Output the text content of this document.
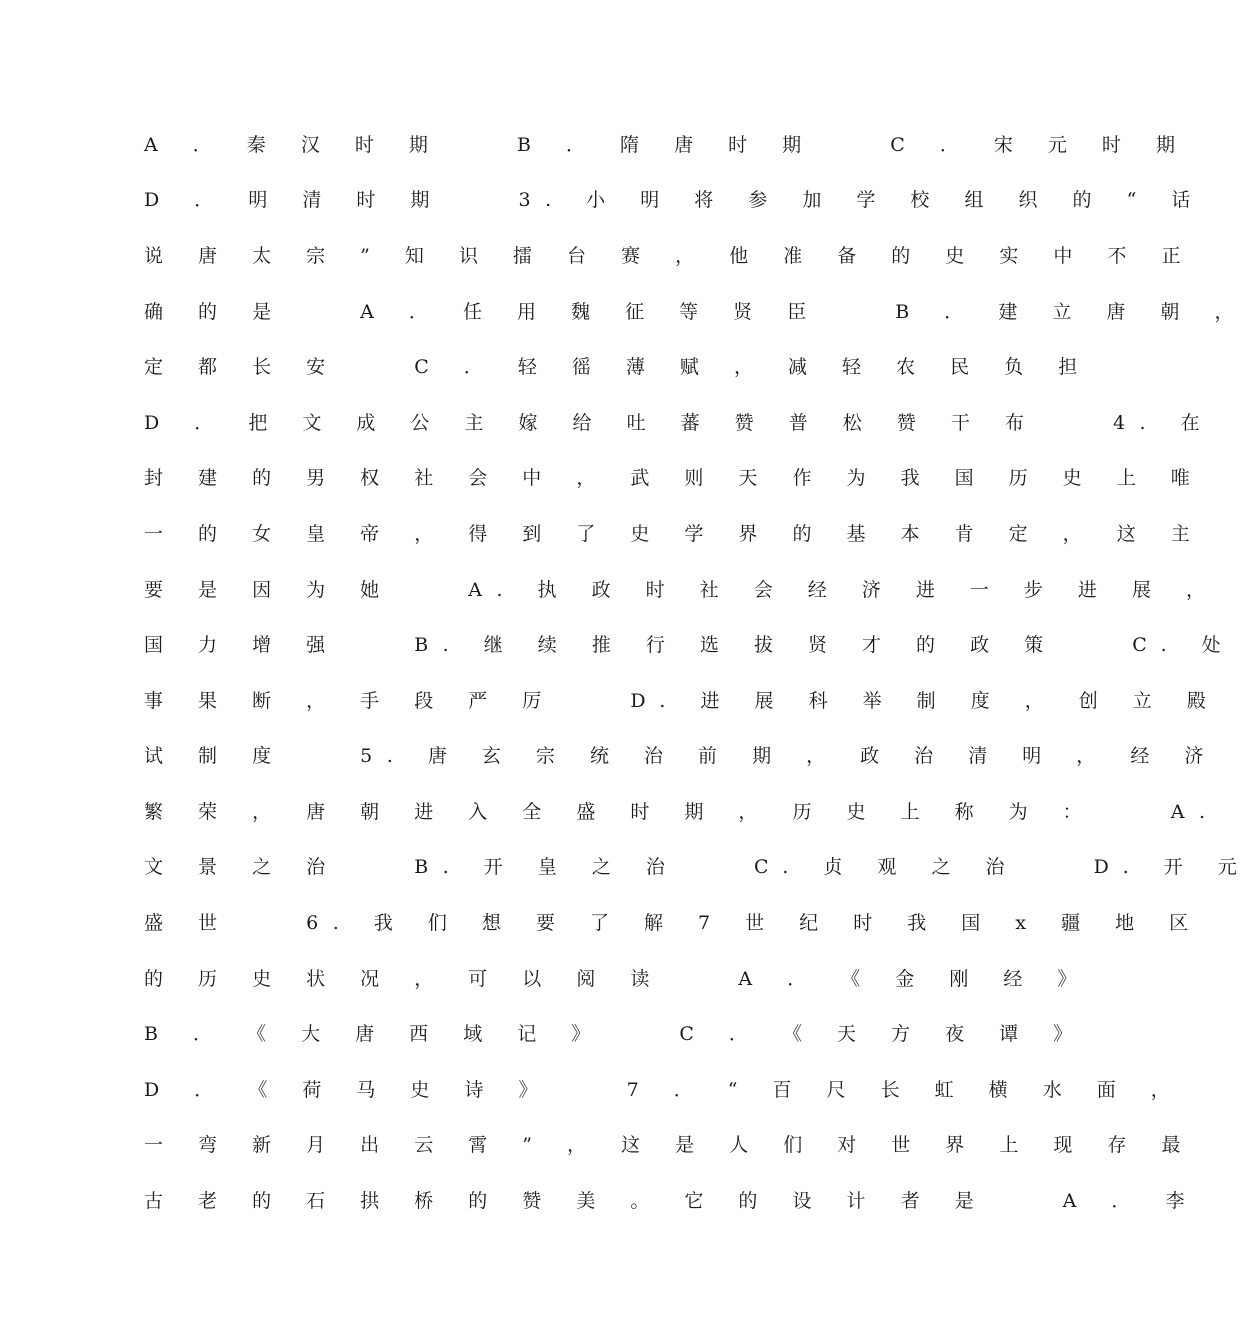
A ． 秦 汉 时 期 　 B ． 隋 唐 时 期 　 C ． 宋 元 时 期
D ． 明 清 时 期 　 3. 小 明 将 参 加 学 校 组 织 的 “ 话
说 唐 太 宗 ” 知 识 擂 台 赛 ， 他 准 备 的 史 实 中 不 正
确 的 是 　 A ． 任 用 魏 征 等 贤 臣 　 B ． 建 立 唐 朝 ，
定 都 长 安 　 C ． 轻 徭 薄 赋 ， 减 轻 农 民 负 担
D ． 把 文 成 公 主 嫁 给 吐 蕃 赞 普 松 赞 干 布 　 4. 在
封 建 的 男 权 社 会 中 ， 武 则 天 作 为 我 国 历 史 上 唯
一 的 女 皇 帝 ， 得 到 了 史 学 界 的 基 本 肯 定 ， 这 主
要 是 因 为 她 　 A. 执 政 时 社 会 经 济 进 一 步 进 展 ，
国 力 增 强 　 B. 继 续 推 行 选 拔 贤 才 的 政 策 　 C. 处
事 果 断 ， 手 段 严 厉 　 D. 进 展 科 举 制 度 ， 创 立 殿
试 制 度 　 5. 唐 玄 宗 统 治 前 期 ， 政 治 清 明 ， 经 济
繁 荣 ， 唐 朝 进 入 全 盛 时 期 ， 历 史 上 称 为 ： 　 A.
文 景 之 治 　 B. 开 皇 之 治 　 C. 贞 观 之 治 　 D. 开 元
盛 世 　 6. 我 们 想 要 了 解 7 世 纪 时 我 国 x 疆 地 区
的 历 史 状 况 ， 可 以 阅 读 　 A ． 《 金 刚 经 》
B ． 《 大 唐 西 域 记 》 　 C ． 《 天 方 夜 谭 》
D ． 《 荷 马 史 诗 》 　 7 ． “ 百 尺 长 虹 横 水 面 ，
一 弯 新 月 出 云 霄 ” ， 这 是 人 们 对 世 界 上 现 存 最
古 老 的 石 拱 桥 的 赞 美 。 它 的 设 计 者 是 　 A ． 李
